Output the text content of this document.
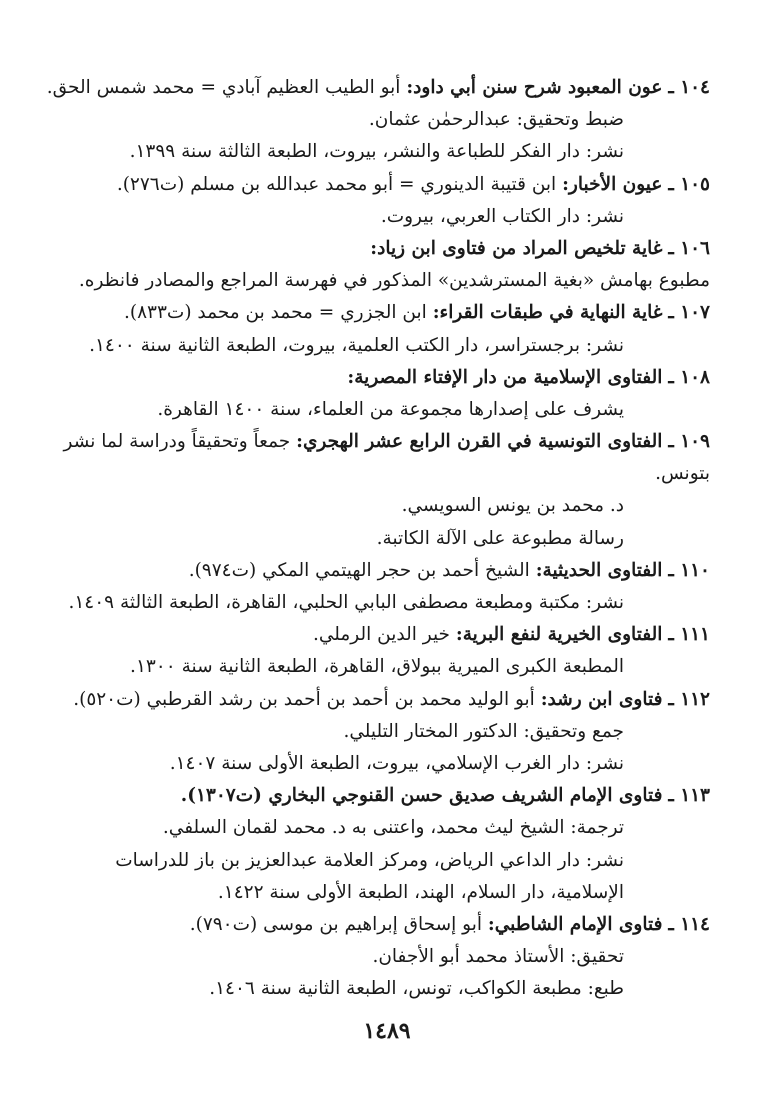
١٠٤ ـ عون المعبود شرح سنن أبي داود: أبو الطيب العظيم آبادي = محمد شمس الحق.
ضبط وتحقيق: عبدالرحمٰن عثمان.
نشر: دار الفكر للطباعة والنشر، بيروت، الطبعة الثالثة سنة ١٣٩٩.
١٠٥ ـ عيون الأخبار: ابن قتيبة الدينوري = أبو محمد عبدالله بن مسلم (ت٢٧٦).
نشر: دار الكتاب العربي، بيروت.
١٠٦ ـ غاية تلخيص المراد من فتاوى ابن زياد:
مطبوع بهامش «بغية المسترشدين» المذكور في فهرسة المراجع والمصادر فانظره.
١٠٧ ـ غاية النهاية في طبقات القراء: ابن الجزري = محمد بن محمد (ت٨٣٣).
نشر: برجستراسر، دار الكتب العلمية، بيروت، الطبعة الثانية سنة ١٤٠٠.
١٠٨ ـ الفتاوى الإسلامية من دار الإفتاء المصرية:
يشرف على إصدارها مجموعة من العلماء، سنة ١٤٠٠ القاهرة.
١٠٩ ـ الفتاوى التونسية في القرن الرابع عشر الهجري: جمعاً وتحقيقاً ودراسة لما نشر
بتونس.
د. محمد بن يونس السويسي.
رسالة مطبوعة على الآلة الكاتبة.
١١٠ ـ الفتاوى الحديثية: الشيخ أحمد بن حجر الهيتمي المكي (ت٩٧٤).
نشر: مكتبة ومطبعة مصطفى البابي الحلبي، القاهرة، الطبعة الثالثة ١٤٠٩.
١١١ ـ الفتاوى الخيرية لنفع البرية: خير الدين الرملي.
المطبعة الكبرى الميرية ببولاق، القاهرة، الطبعة الثانية سنة ١٣٠٠.
١١٢ ـ فتاوى ابن رشد: أبو الوليد محمد بن أحمد بن أحمد بن رشد القرطبي (ت٥٢٠).
جمع وتحقيق: الدكتور المختار التليلي.
نشر: دار الغرب الإسلامي، بيروت، الطبعة الأولى سنة ١٤٠٧.
١١٣ ـ فتاوى الإمام الشريف صديق حسن القنوجي البخاري (ت١٣٠٧).
ترجمة: الشيخ ليث محمد، واعتنى به د. محمد لقمان السلفي.
نشر: دار الداعي الرياض، ومركز العلامة عبدالعزيز بن باز للدراسات
الإسلامية، دار السلام، الهند، الطبعة الأولى سنة ١٤٢٢.
١١٤ ـ فتاوى الإمام الشاطبي: أبو إسحاق إبراهيم بن موسى (ت٧٩٠).
تحقيق: الأستاذ محمد أبو الأجفان.
طبع: مطبعة الكواكب، تونس، الطبعة الثانية سنة ١٤٠٦.
١٤٨٩
